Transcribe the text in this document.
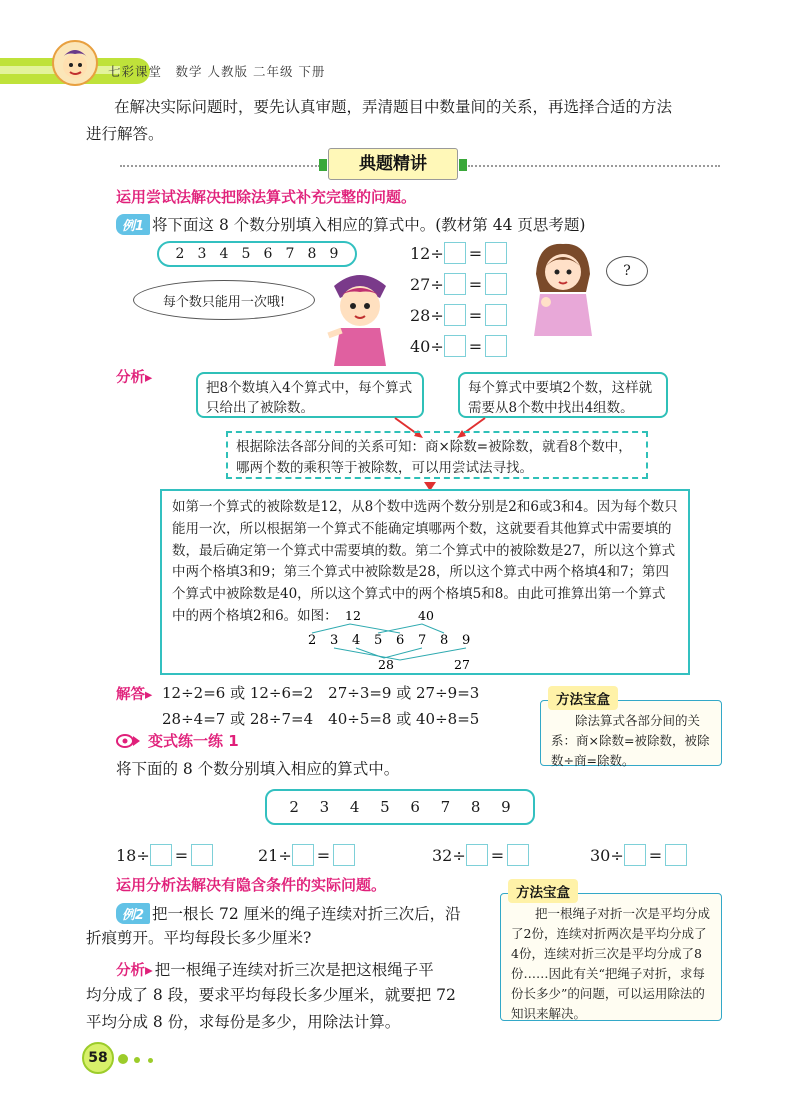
七彩课堂　数学 人教版 二年级 下册
在解决实际问题时，要先认真审题，弄清题目中数量间的关系，再选择合适的方法
进行解答。
典题精讲
运用尝试法解决把除法算式补充完整的问题。
例1 将下面这 8 个数分别填入相应的算式中。(教材第 44 页思考题)
2 3 4 5 6 7 8 9
每个数只能用一次哦!
12 ÷ =
27 ÷ =
28 ÷ =
40 ÷ =
?
分析▸
把8个数填入4个算式中，每个算式只给出了被除数。
每个算式中要填2个数，这样就需要从8个数中找出4组数。
根据除法各部分间的关系可知：商×除数=被除数，就看8个数中，哪两个数的乘积等于被除数，可以用尝试法寻找。
如第一个算式的被除数是12，从8个数中选两个数分别是2和6或3和4。因为每个数只能用一次，所以根据第一个算式不能确定填哪两个数，这就要看其他算式中需要填的数，最后确定第一个算式中需要填的数。第二个算式中的被除数是27，所以这个算式中两个格填3和9；第三个算式中被除数是28，所以这个算式中两个格填4和7；第四个算式中被除数是40，所以这个算式中的两个格填5和8。由此可推算出第一个算式中的两个格填2和6。如图： 12	40
2 3 4 5 6 7 8 9
28	27
解答▸ 12÷2=6 或 12÷6=2　27÷3=9 或 27÷9=3
28÷4=7 或 28÷7=4　40÷5=8 或 40÷8=5	除法算式各部分间的关系：商×除数=被除数，被除数÷商=除数。
方法宝盒
变式练一练 1
将下面的 8 个数分别填入相应的算式中。
2 3 4 5 6 7 8 9
18 ÷ =	21 ÷ =	32 ÷ =	30 ÷ =
运用分析法解决有隐含条件的实际问题。
例2 把一根长 72 厘米的绳子连续对折三次后，沿
折痕剪开。平均每段长多少厘米?
分析 ▸ 把一根绳子连续对折三次是把这根绳子平
均分成了 8 段，要求平均每段长多少厘米，就要把 72
平均分成 8 份，求每份是多少，用除法计算。
把一根绳子对折一次是平均分成了2份，连续对折两次是平均分成了4份，连续对折三次是平均分成了8份……因此有关“把绳子对折，求每份长多少”的问题，可以运用除法的知识来解决。
方法宝盒
58
